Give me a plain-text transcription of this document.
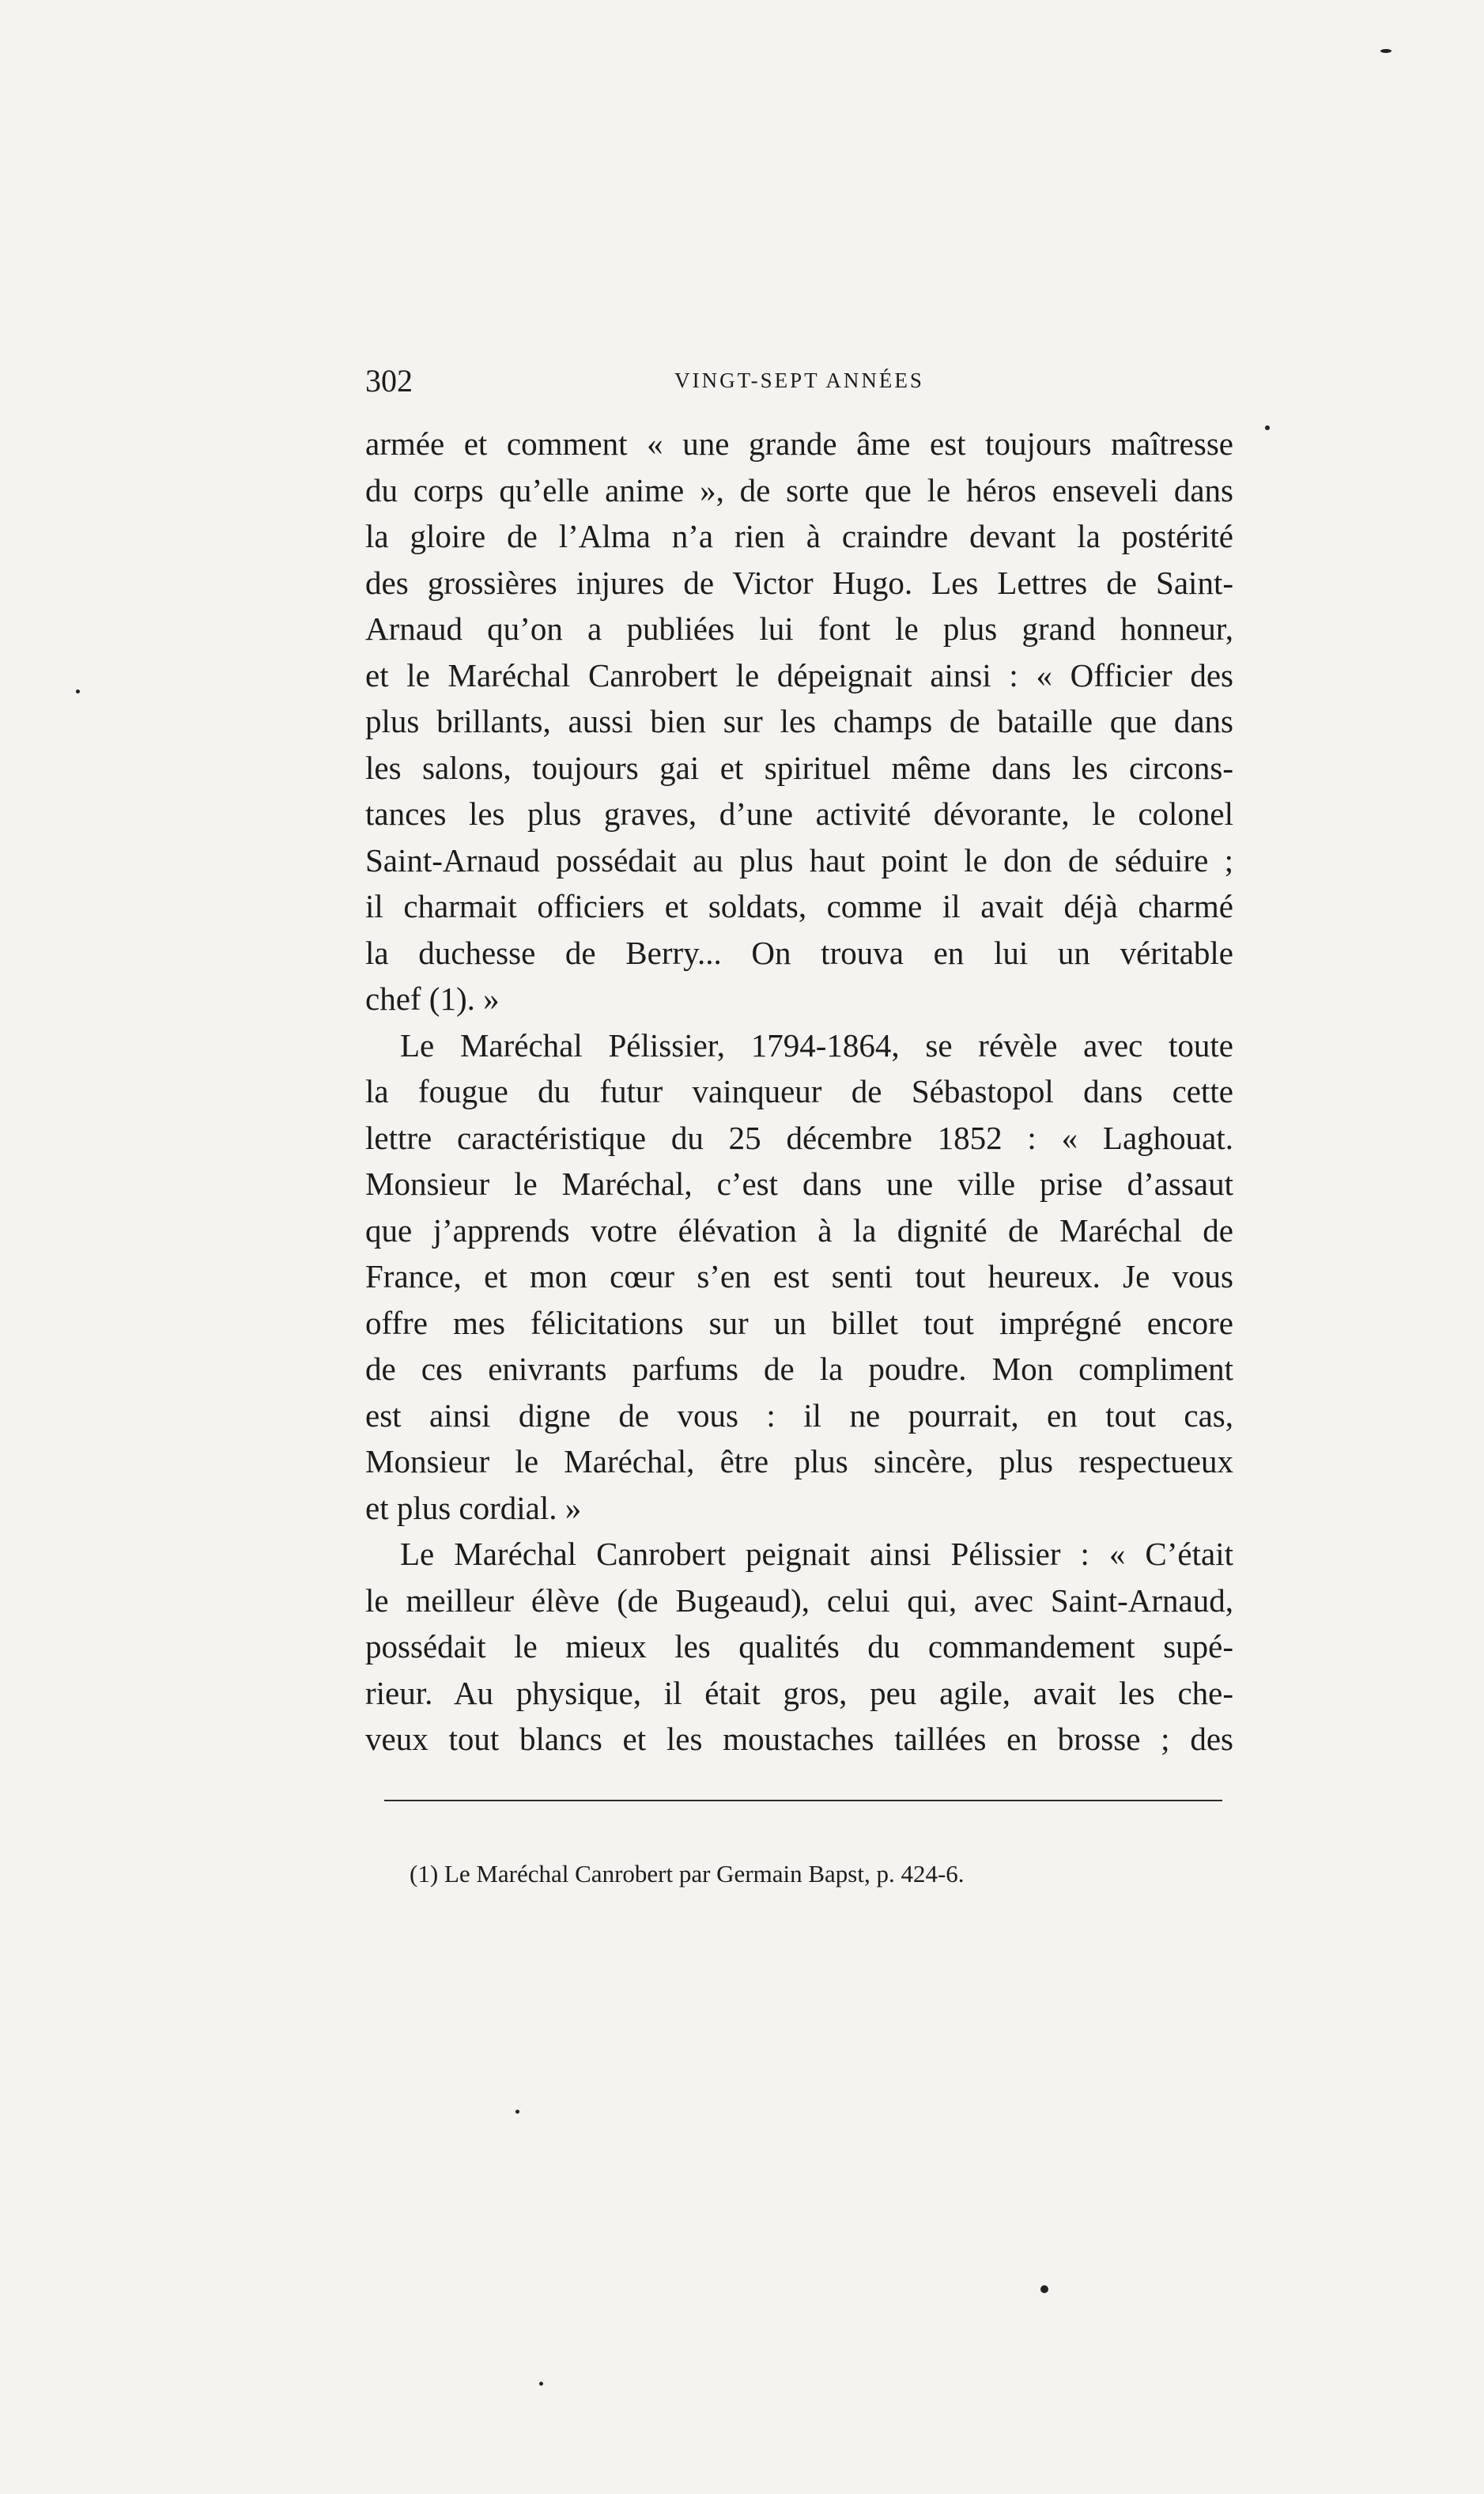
302	VINGT-SEPT ANNÉES
armée et comment « une grande âme est toujours maîtresse
du corps qu’elle anime », de sorte que le héros enseveli dans
la gloire de l’Alma n’a rien à craindre devant la postérité
des grossières injures de Victor Hugo. Les Lettres de Saint-
Arnaud qu’on a publiées lui font le plus grand honneur,
et le Maréchal Canrobert le dépeignait ainsi : « Officier des
plus brillants, aussi bien sur les champs de bataille que dans
les salons, toujours gai et spirituel même dans les circons-
tances les plus graves, d’une activité dévorante, le colonel
Saint-Arnaud possédait au plus haut point le don de séduire ;
il charmait officiers et soldats, comme il avait déjà charmé
la duchesse de Berry... On trouva en lui un véritable
chef (1). »
Le Maréchal Pélissier, 1794-1864, se révèle avec toute
la fougue du futur vainqueur de Sébastopol dans cette
lettre caractéristique du 25 décembre 1852 : « Laghouat.
Monsieur le Maréchal, c’est dans une ville prise d’assaut
que j’apprends votre élévation à la dignité de Maréchal de
France, et mon cœur s’en est senti tout heureux. Je vous
offre mes félicitations sur un billet tout imprégné encore
de ces enivrants parfums de la poudre. Mon compliment
est ainsi digne de vous : il ne pourrait, en tout cas,
Monsieur le Maréchal, être plus sincère, plus respectueux
et plus cordial. »
Le Maréchal Canrobert peignait ainsi Pélissier : « C’était
le meilleur élève (de Bugeaud), celui qui, avec Saint-Arnaud,
possédait le mieux les qualités du commandement supé-
rieur. Au physique, il était gros, peu agile, avait les che-
veux tout blancs et les moustaches taillées en brosse ; des
(1) Le Maréchal Canrobert par Germain Bapst, p. 424-6.
